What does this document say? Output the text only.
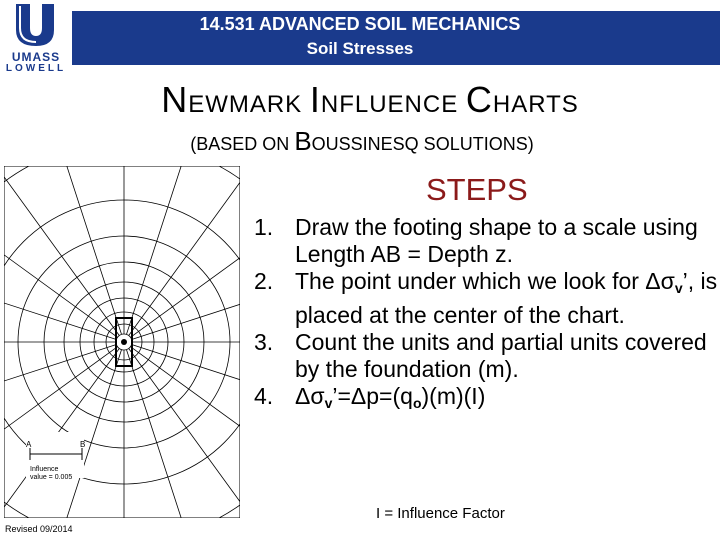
UMASS
LOWELL
14.531 ADVANCED SOIL MECHANICS
Soil Stresses
NEWMARK INFLUENCE CHARTS
(BASED ON BOUSSINESQ SOLUTIONS)
A	B
Influence
value = 0.005
STEPS
1. Draw the footing shape to a scale using Length AB = Depth z.
2. The point under which we look for $\Delta\sigma_v$’, is placed at the center of the chart.
3. Count the units and partial units covered by the foundation (m).
4. $\Delta\sigma_v’=\Delta p=(q_o)(m)(I)$
I = Influence Factor
Revised 09/2014
